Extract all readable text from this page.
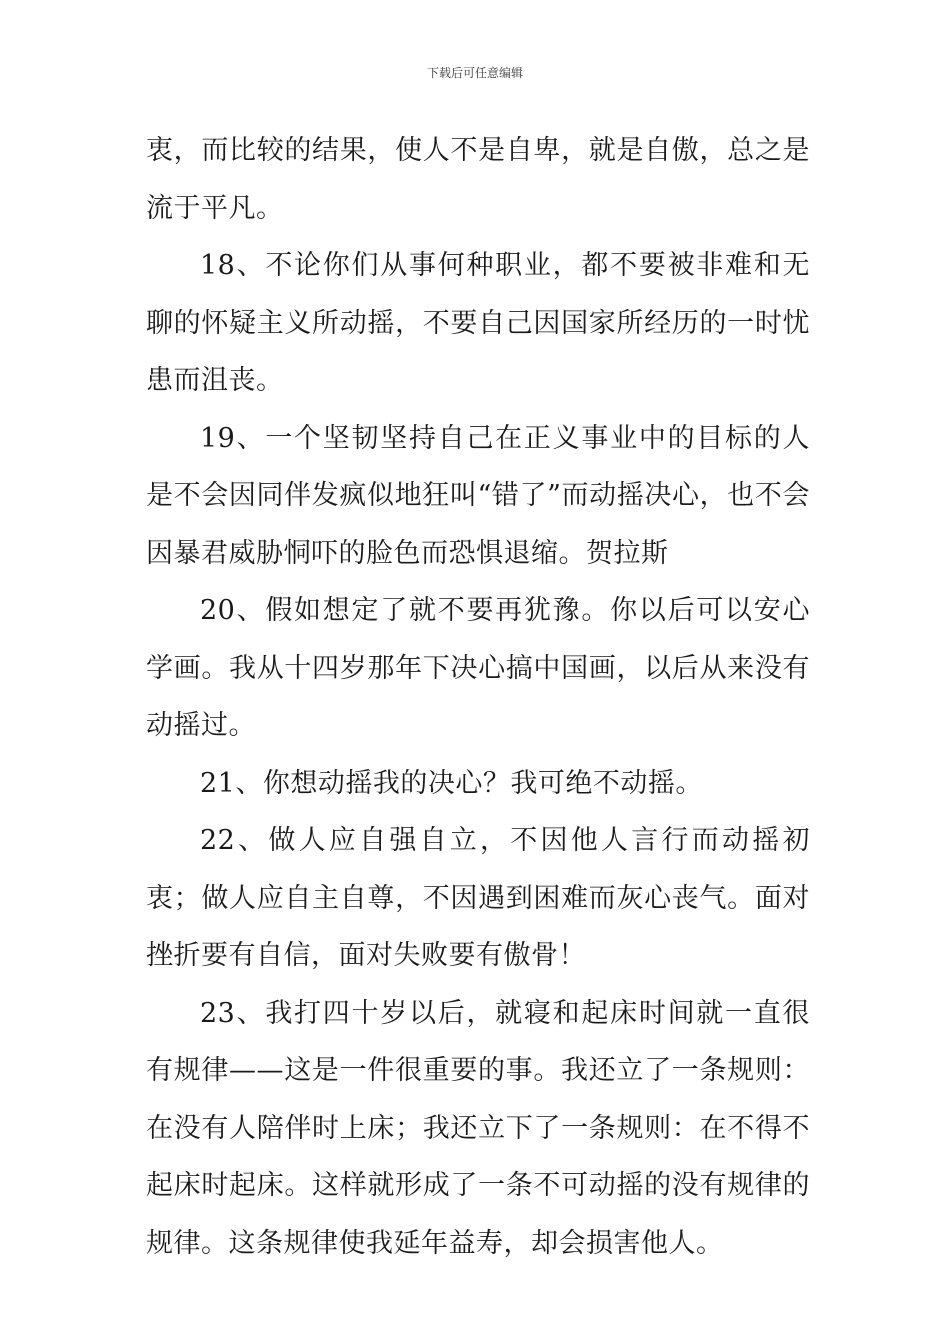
下载后可任意编辑

衷，而比较的结果，使人不是自卑，就是自傲，总之是流于平凡。

18、不论你们从事何种职业，都不要被非难和无聊的怀疑主义所动摇，不要自己因国家所经历的一时忧患而沮丧。

19、一个坚韧坚持自己在正义事业中的目标的人是不会因同伴发疯似地狂叫“错了”而动摇决心，也不会因暴君威胁恫吓的脸色而恐惧退缩。贺拉斯

20、假如想定了就不要再犹豫。你以后可以安心学画。我从十四岁那年下决心搞中国画，以后从来没有动摇过。

21、你想动摇我的决心？我可绝不动摇。

22、做人应自强自立，不因他人言行而动摇初衷；做人应自主自尊，不因遇到困难而灰心丧气。面对挫折要有自信，面对失败要有傲骨！

23、我打四十岁以后，就寝和起床时间就一直很有规律——这是一件很重要的事。我还立了一条规则：在没有人陪伴时上床；我还立下了一条规则：在不得不起床时起床。这样就形成了一条不可动摇的没有规律的规律。这条规律使我延年益寿，却会损害他人。
